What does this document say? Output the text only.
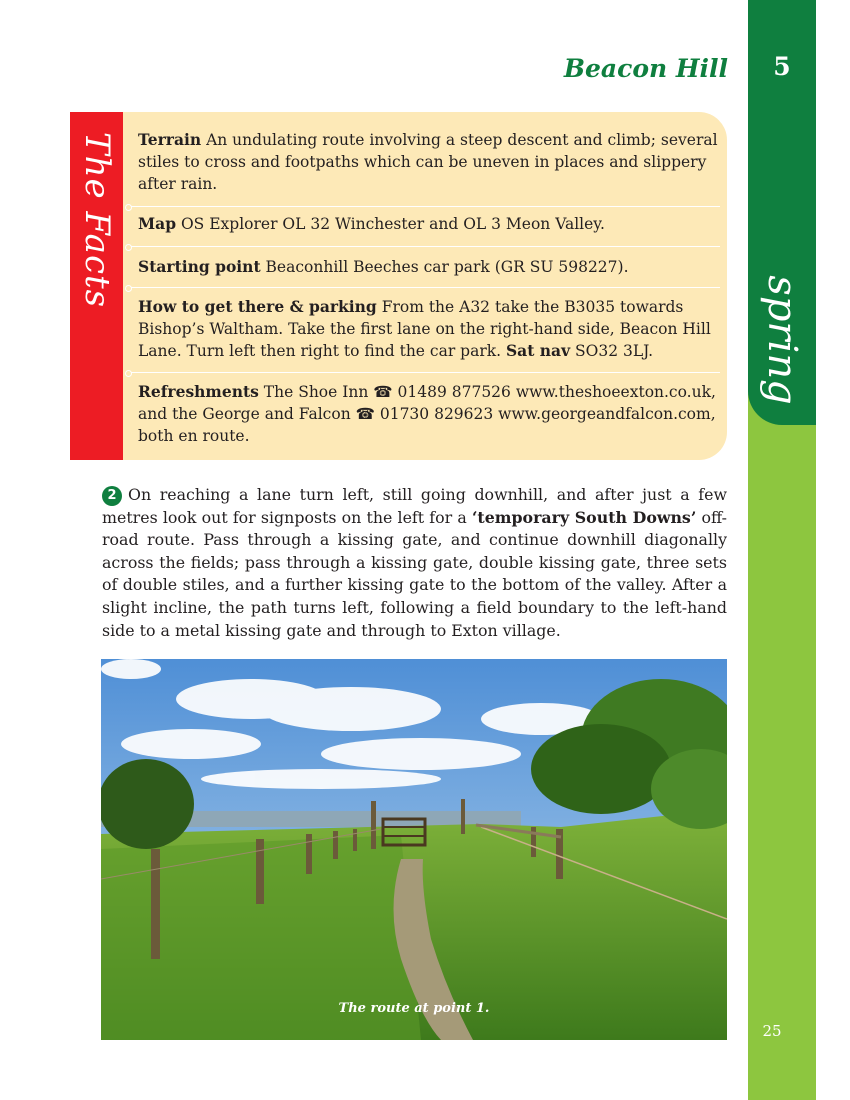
5
spring
25
Beacon Hill
The Facts Terrain An undulating route involving a steep descent and climb; several stiles to cross and footpaths which can be uneven in places and slippery after rain.
Map OS Explorer OL 32 Winchester and OL 3 Meon Valley.
Starting point Beaconhill Beeches car park (GR SU 598227).
How to get there & parking From the A32 take the B3035 towards Bishop’s Waltham. Take the first lane on the right-hand side, Beacon Hill Lane. Turn left then right to find the car park. Sat nav SO32 3LJ.
Refreshments The Shoe Inn ☎ 01489 877526 www.theshoeexton.co.uk, and the George and Falcon ☎ 01730 829623 www.georgeandfalcon.com, both en route.
2 On reaching a lane turn left, still going downhill, and after just a few metres look out for signposts on the left for a ‘temporary South Downs’ off-road route. Pass through a kissing gate, and continue downhill diagonally across the fields; pass through a kissing gate, double kissing gate, three sets of double stiles, and a further kissing gate to the bottom of the valley. After a slight incline, the path turns left, following a field boundary to the left-hand side to a metal kissing gate and through to Exton village.
The route at point 1.
